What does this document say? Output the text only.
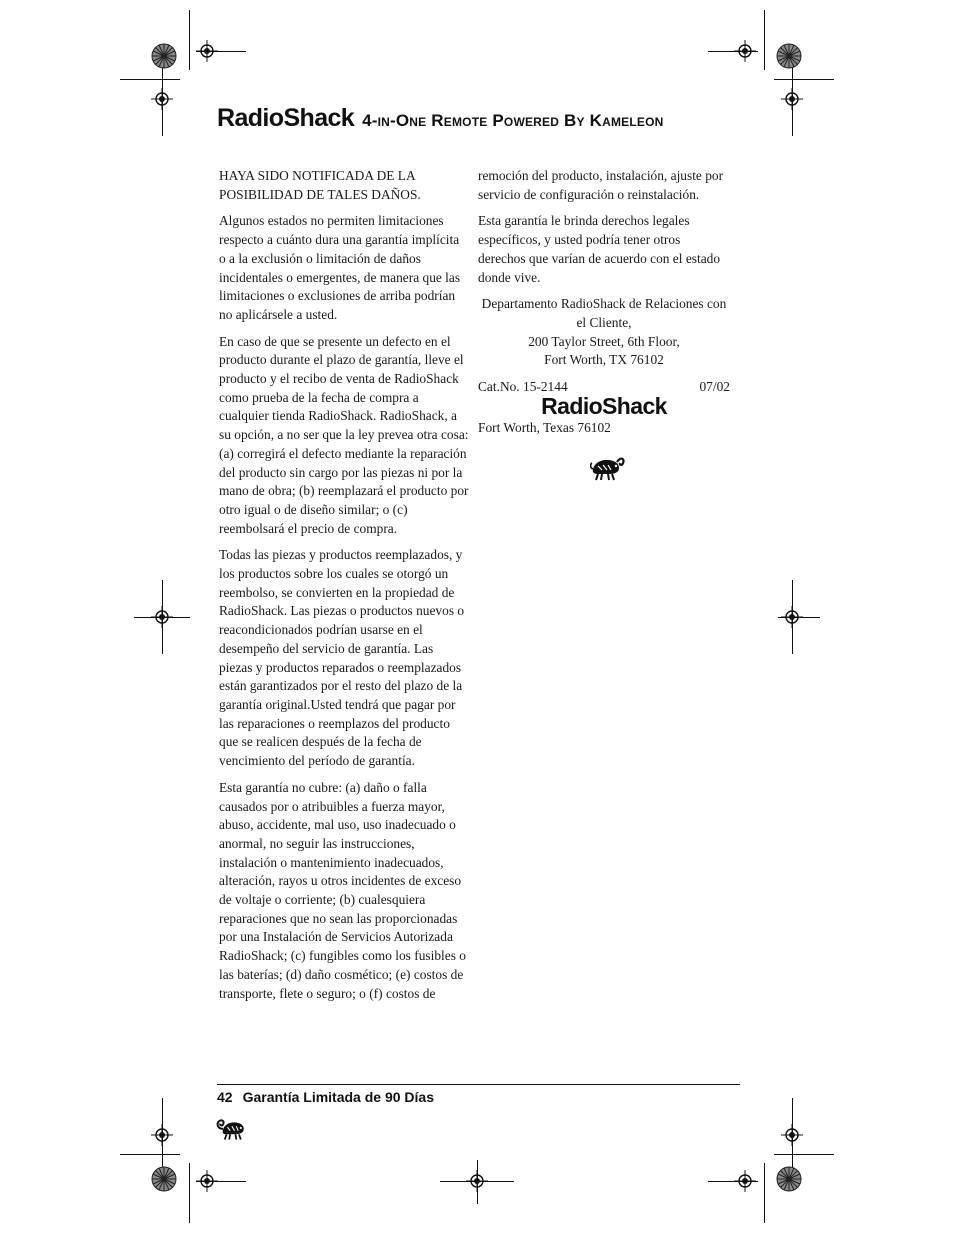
RadioShack 4-in-One Remote Powered By Kameleon

HAYA SIDO NOTIFICADA DE LA POSIBILIDAD DE TALES DAÑOS.

Algunos estados no permiten limitaciones respecto a cuánto dura una garantía implícita o a la exclusión o limitación de daños incidentales o emergentes, de manera que las limitaciones o exclusiones de arriba podrían no aplicársele a usted.

En caso de que se presente un defecto en el producto durante el plazo de garantía, lleve el producto y el recibo de venta de RadioShack como prueba de la fecha de compra a cualquier tienda RadioShack. RadioShack, a su opción, a no ser que la ley prevea otra cosa: (a) corregirá el defecto mediante la reparación del producto sin cargo por las piezas ni por la mano de obra; (b) reemplazará el producto por otro igual o de diseño similar; o (c) reembolsará el precio de compra.

Todas las piezas y productos reemplazados, y los productos sobre los cuales se otorgó un reembolso, se convierten en la propiedad de RadioShack. Las piezas o productos nuevos o reacondicionados podrían usarse en el desempeño del servicio de garantía. Las piezas y productos reparados o reemplazados están garantizados por el resto del plazo de la garantía original.Usted tendrá que pagar por las reparaciones o reemplazos del producto que se realicen después de la fecha de vencimiento del período de garantía.

Esta garantía no cubre: (a) daño o falla causados por o atribuibles a fuerza mayor, abuso, accidente, mal uso, uso inadecuado o anormal, no seguir las instrucciones, instalación o mantenimiento inadecuados, alteración, rayos u otros incidentes de exceso de voltaje o corriente; (b) cualesquiera reparaciones que no sean las proporcionadas por una Instalación de Servicios Autorizada RadioShack; (c) fungibles como los fusibles o las baterías; (d) daño cosmético; (e) costos de transporte, flete o seguro; o (f) costos de

remoción del producto, instalación, ajuste por servicio de configuración o reinstalación.

Esta garantía le brinda derechos legales específicos, y usted podría tener otros derechos que varían de acuerdo con el estado donde vive.

Departamento RadioShack de Relaciones con el Cliente,
200 Taylor Street, 6th Floor,
Fort Worth, TX 76102

Cat.No. 15-2144	07/02
RadioShack

Fort Worth, Texas 76102

42 Garantía Limitada de 90 Días
